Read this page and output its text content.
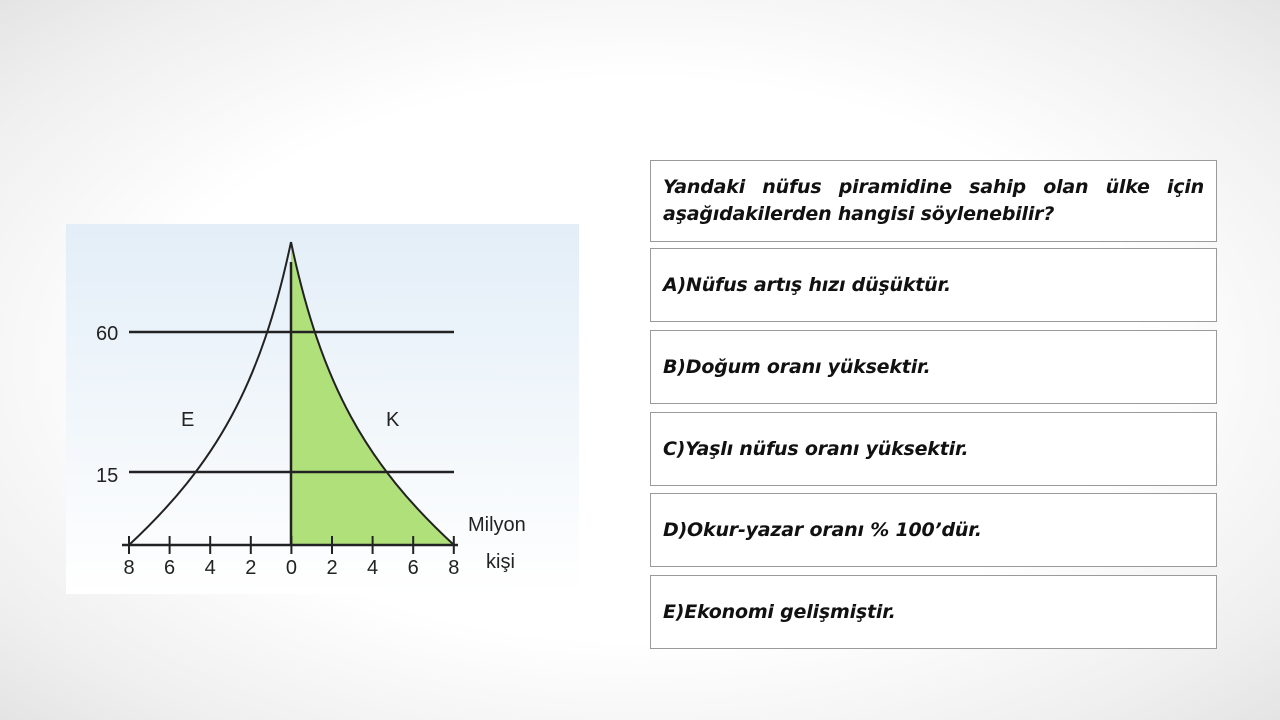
60
15
E	K
Milyon
kişi
8 6 4 2 0 2 4 6 8
Yandaki nüfus piramidine sahip olan ülke için aşağıdakilerden hangisi söylenebilir?
A)Nüfus artış hızı düşüktür.
B)Doğum oranı yüksektir.
C)Yaşlı nüfus oranı yüksektir.
D)Okur-yazar oranı % 100’dür.
E)Ekonomi gelişmiştir.
